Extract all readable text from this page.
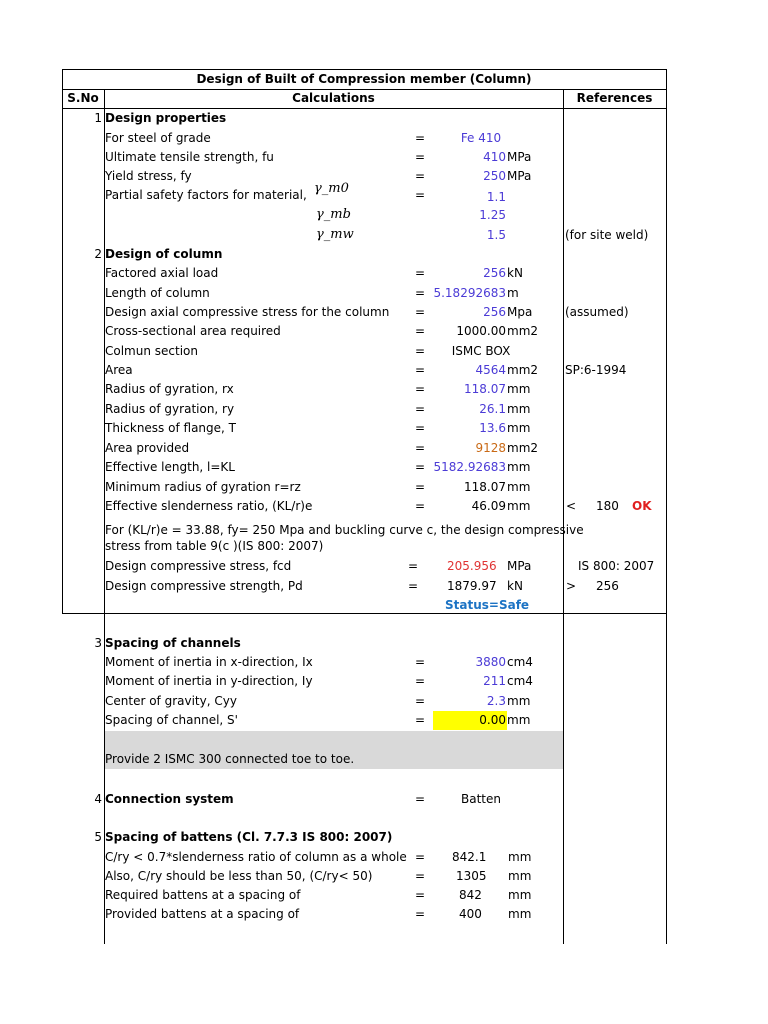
Design of Built of Compression member (Column)
S.No	Calculations	References
1 Design properties
For steel of grade	=	Fe 410
Ultimate tensile strength, fu	=	410 MPa
Yield stress, fy	=	250 MPa
Partial safety factors for material, γ_m0	=	1.1
γ_mb	1.25
γ_mw	1.5	(for site weld)
2 Design of column
Factored axial load	=	256 kN
Length of column	= 5.18292683 m
Design axial compressive stress for the column	=	256 Mpa	(assumed)
Cross-sectional area required	=	1000.00 mm2
Colmun section	=	ISMC BOX
Area	=	4564 mm2 SP:6-1994
Radius of gyration, rx	=	118.07 mm
Radius of gyration, ry	=	26.1 mm
Thickness of flange, T	=	13.6 mm
Area provided	=	9128 mm2
Effective length, l=KL	= 5182.92683 mm
Minimum radius of gyration r=rz	=	118.07 mm
Effective slenderness ratio, (KL/r)e	=	46.09 mm	< 180 OK
For (KL/r)e = 33.88, fy= 250 Mpa and buckling curve c, the design compressive
stress from table 9(c )(IS 800: 2007)
Design compressive stress, fcd	=	205.956 MPa	IS 800: 2007
Design compressive strength, Pd	=	1879.97 kN	> 256
Status=Safe
3 Spacing of channels
Moment of inertia in x-direction, Ix	=	3880 cm4
Moment of inertia in y-direction, Iy	=	211 cm4
Center of gravity, Cyy	=	2.3 mm
Spacing of channel, S'	=	0.00 mm
Provide 2 ISMC 300 connected toe to toe.
4 Connection system	=	Batten
5 Spacing of battens (Cl. 7.7.3 IS 800: 2007)
C/ry < 0.7*slenderness ratio of column as a whole =	842.1 mm
Also, C/ry should be less than 50, (C/ry< 50)	=	1305 mm
Required battens at a spacing of	=	842 mm
Provided battens at a spacing of	=	400 mm
